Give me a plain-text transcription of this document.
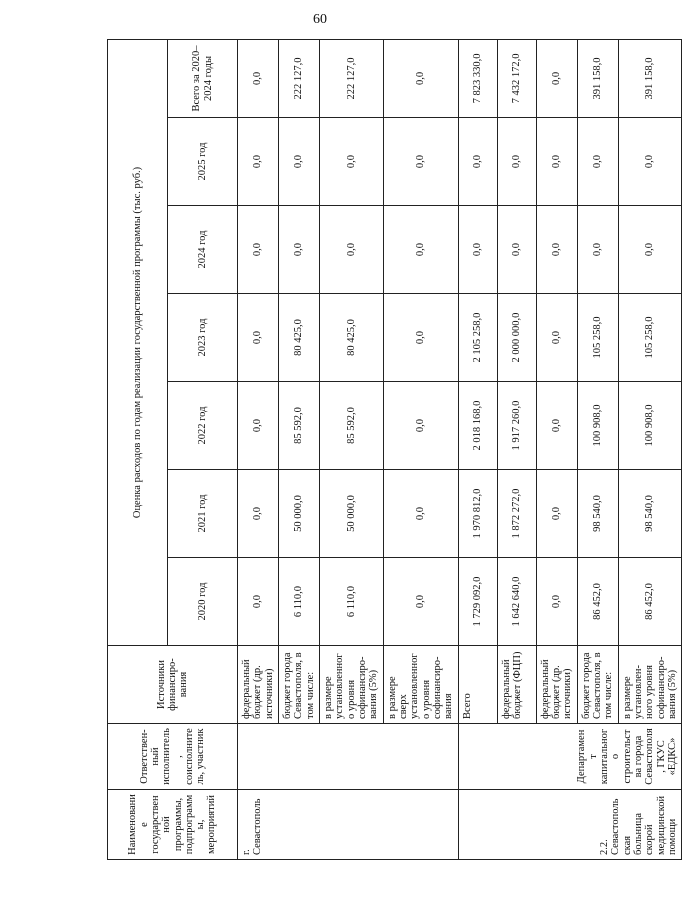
60
Наименование государственной программы, подпрограммы, мероприятий	Ответствен-ный исполнитель, соисполнитель, участник	Источники финансиро-вания	Оценка расходов по годам реализации государственной программы (тыс. руб.)						
			2020 год	2021 год	2022 год	2023 год	2024 год	2025 год	Всего за 2020–2024 годы
г. Севастополь		федеральный бюджет (др. источники)	0,0	0,0	0,0	0,0	0,0	0,0	0,0
		бюджет города Севастополя, в том числе:	6 110,0	50 000,0	85 592,0	80 425,0	0,0	0,0	222 127,0
		в размере установленного уровня софинансиро-вания (5%)	6 110,0	50 000,0	85 592,0	80 425,0	0,0	0,0	222 127,0
		в размере сверх установленного уровня софинансиро-вания	0,0	0,0	0,0	0,0	0,0	0,0	0,0
2.2. Севастопольская больница скорой медицинской помощи	Департамент капитального строительства города Севастополя, ГКУС «ЕДКС»	Всего	1 729 092,0	1 970 812,0	2 018 168,0	2 105 258,0	0,0	0,0	7 823 330,0
		федеральный бюджет (ФЦП)	1 642 640,0	1 872 272,0	1 917 260,0	2 000 000,0	0,0	0,0	7 432 172,0
		федеральный бюджет (др. источники)	0,0	0,0	0,0	0,0	0,0	0,0	0,0
		бюджет города Севастополя, в том числе:	86 452,0	98 540,0	100 908,0	105 258,0	0,0	0,0	391 158,0
		в размере установлен-ного уровня софинансиро-вания (5%)	86 452,0	98 540,0	100 908,0	105 258,0	0,0	0,0	391 158,0
